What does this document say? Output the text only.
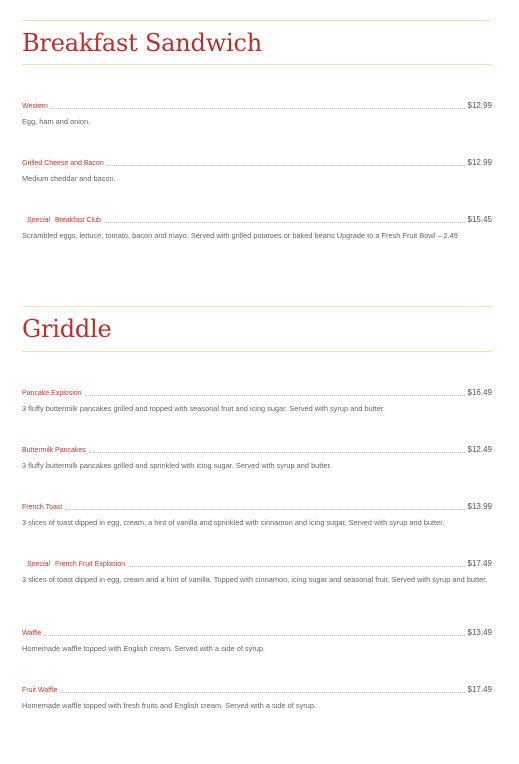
Breakfast Sandwich
Western	$12.99
Egg, ham and onion.
Grilled Cheese and Bacon	$12.99
Medium cheddar and bacon.
Special Breakfast Club	$15.45
Scrambled eggs, lettuce, tomato, bacon and mayo. Served with grilled potatoes or baked beans Upgrade to a Fresh Fruit Bowl – 2.49
Griddle
Pancake Explosion	$16.49
3 fluffy buttermilk pancakes grilled and topped with seasonal fruit and icing sugar. Served with syrup and butter.
Buttermilk Pancakes	$12.49
3 fluffy buttermilk pancakes grilled and sprinkled with icing sugar. Served with syrup and butter.
French Toast	$13.99
3 slices of toast dipped in egg, cream, a hint of vanilla and sprinkled with cinnamon and icing sugar. Served with syrup and butter.
Special French Fruit Explosion	$17.49
3 slices of toast dipped in egg, cream and a hint of vanilla. Topped with cinnamon, icing sugar and seasonal fruit. Served with syrup and butter.
Waffle	$13.49
Homemade waffle topped with English cream. Served with a side of syrup.
Fruit Waffle	$17.49
Homemade waffle topped with fresh fruits and English cream. Served with a side of syrup.
